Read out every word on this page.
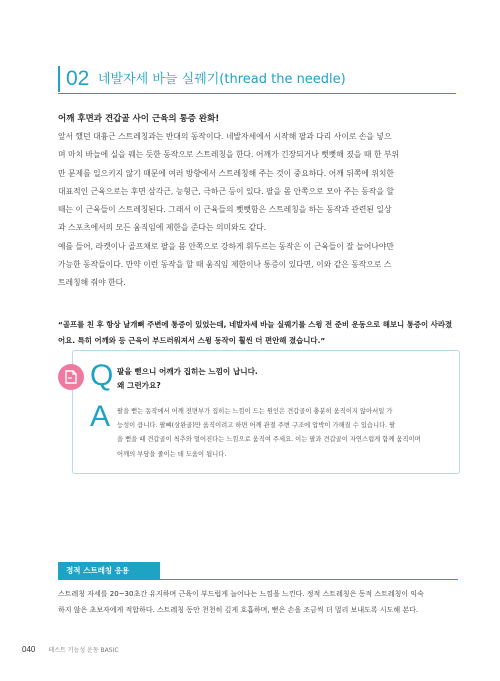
02 네발자세 바늘 실꿰기(thread the needle)
어깨 후면과 견갑골 사이 근육의 통증 완화!
앞서 했던 대흉근 스트레칭과는 반대의 동작이다. 네발자세에서 시작해 팔과 다리 사이로 손을 넣으
며 마치 바늘에 실을 꿰는 듯한 동작으로 스트레칭을 한다. 어깨가 긴장되거나 뻣뻣해 졌을 때 한 부위
만 문제를 일으키지 않기 때문에 여러 방향에서 스트레칭해 주는 것이 중요하다. 어깨 뒤쪽에 위치한
대표적인 근육으로는 후면 삼각근, 능형근, 극하근 등이 있다. 팔을 몸 안쪽으로 모아 주는 동작을 할
때는 이 근육들이 스트레칭된다. 그래서 이 근육들의 뻣뻣함은 스트레칭을 하는 동작과 관련된 일상
과 스포츠에서의 모든 움직임에 제한을 준다는 의미와도 같다.
예를 들어, 라켓이나 골프채로 팔을 몸 안쪽으로 강하게 휘두르는 동작은 이 근육들이 잘 늘어나야만
가능한 동작들이다. 만약 이런 동작을 할 때 움직임 제한이나 통증이 있다면, 이와 같은 동작으로 스
트레칭해 줘야 한다.
“골프를 친 후 항상 날개뼈 주변에 통증이 있었는데, 네발자세 바늘 실꿰기를 스윙 전 준비 운동으로 해보니 통증이 사라졌
어요. 특히 어깨와 등 근육이 부드러워져서 스윙 동작이 훨씬 더 편안해 졌습니다.”
Q 팔을 뻗으니 어깨가 집히는 느낌이 납니다.
왜 그런가요?
A 팔을 뻗는 동작에서 어깨 전면부가 집히는 느낌이 드는 원인은 견갑골이 충분히 움직이지 않아서일 가
능성이 큽니다. 팔뼈(상완골)만 움직이려고 하면 어깨 관절 주변 구조에 압박이 가해질 수 있습니다. 팔
을 뻗을 때 견갑골이 척추와 멀어진다는 느낌으로 움직여 주세요. 이는 팔과 견갑골이 자연스럽게 함께 움직이며
어깨의 부담을 줄이는 데 도움이 됩니다.
정적 스트레칭 응용
스트레칭 자세를 20~30초간 유지하며 근육이 부드럽게 늘어나는 느낌을 느낀다. 정적 스트레칭은 동적 스트레칭이 익숙
하지 않은 초보자에게 적합하다. 스트레칭 동안 천천히 깊게 호흡하며, 뻗은 손을 조금씩 더 멀리 보내도록 시도해 본다.
040 테스트 기능성 운동 BASIC
